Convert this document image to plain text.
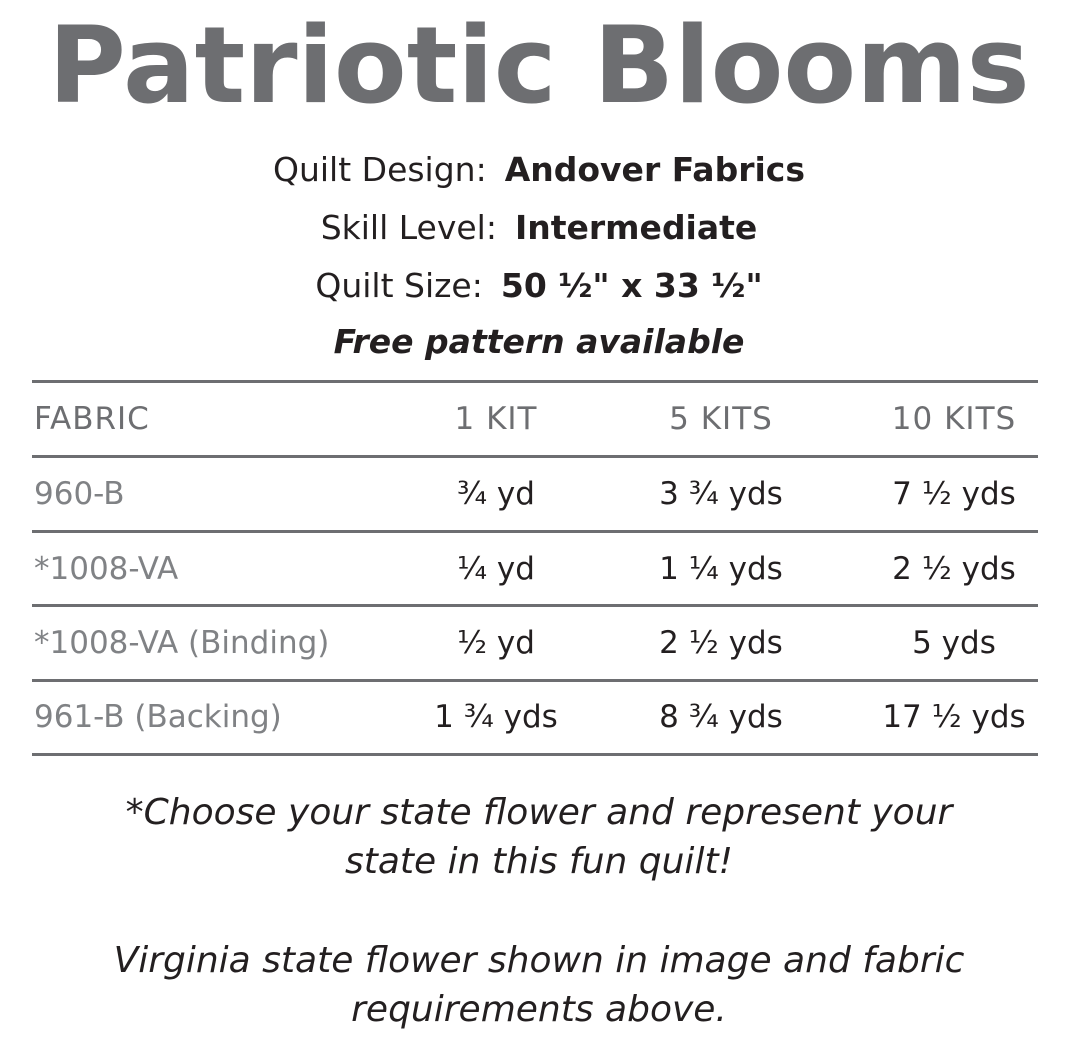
Patriotic Blooms
Quilt Design: Andover Fabrics
Skill Level: Intermediate
Quilt Size: 50 ½" x 33 ½"
Free pattern available
FABRIC	1 KIT	5 KITS	10 KITS
960-B	¾ yd	3 ¾ yds	7 ½ yds
*1008-VA	¼ yd	1 ¼ yds	2 ½ yds
*1008-VA (Binding)	½ yd	2 ½ yds	5 yds
961-B (Backing)	1 ¾ yds	8 ¾ yds	17 ½ yds
*Choose your state flower and represent your
state in this fun quilt!
Virginia state flower shown in image and fabric
requirements above.
